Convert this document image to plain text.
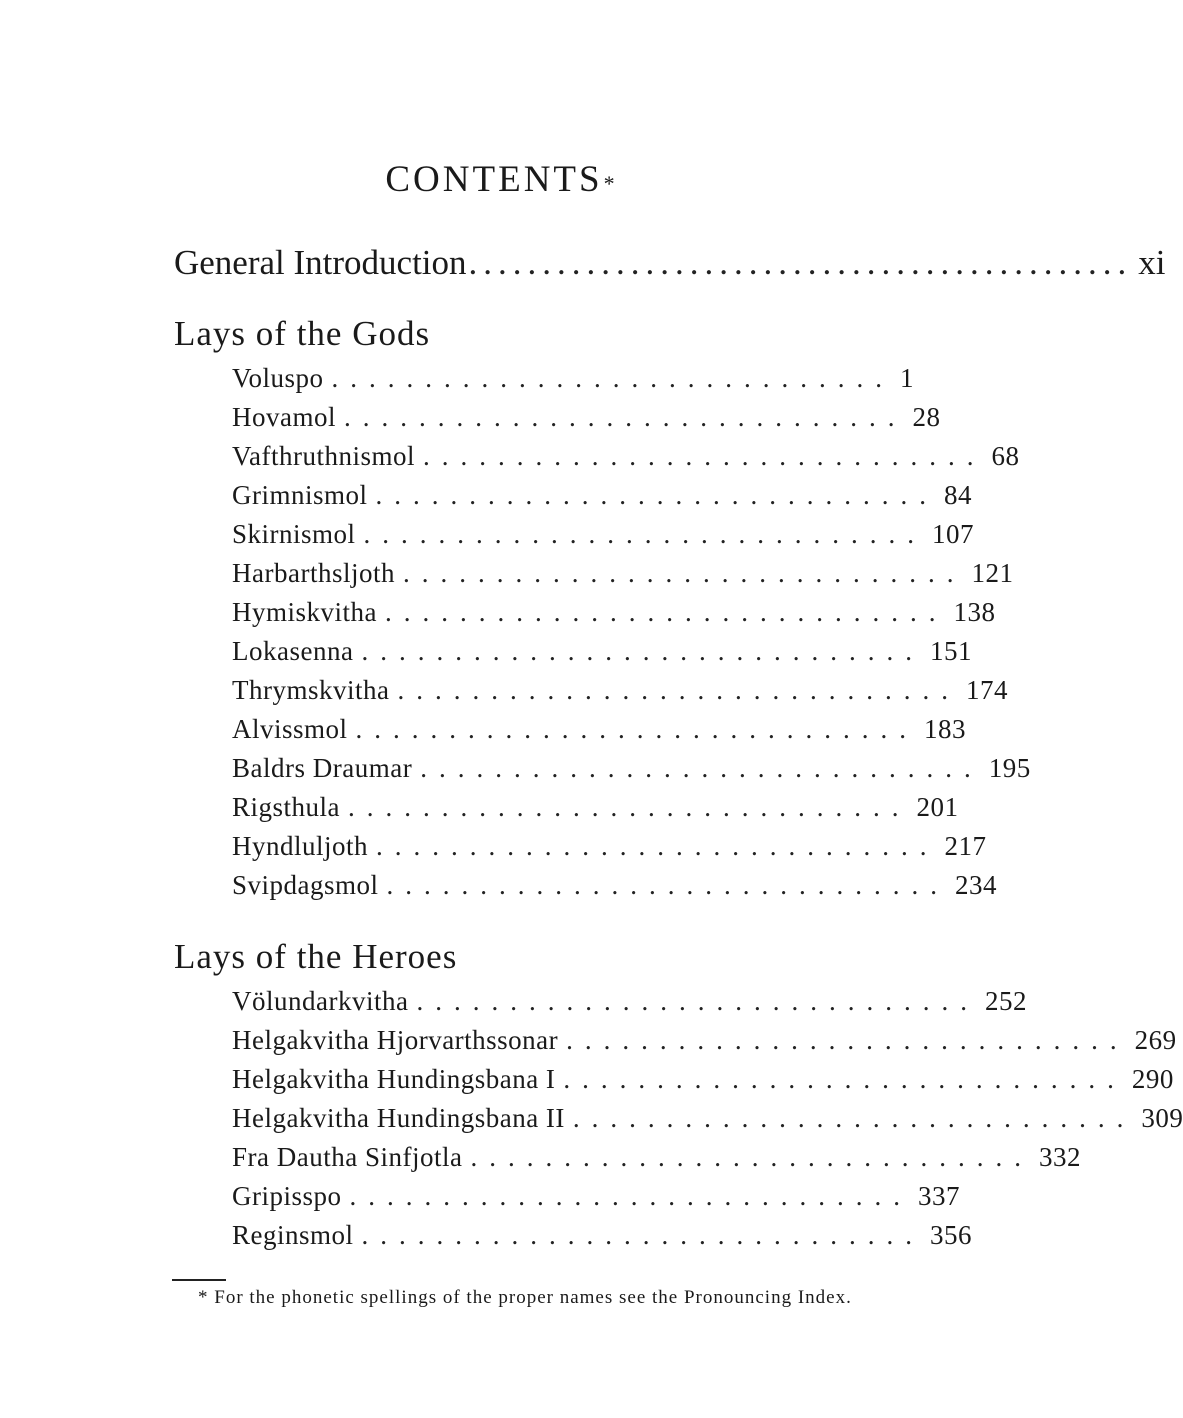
CONTENTS*
General Introduction ............................................. xi
Lays of the Gods
Voluspo .............................. 1
Hovamol .............................. 28
Vafthruthnismol .............................. 68
Grimnismol .............................. 84
Skirnismol .............................. 107
Harbarthsljoth .............................. 121
Hymiskvitha .............................. 138
Lokasenna .............................. 151
Thrymskvitha .............................. 174
Alvissmol .............................. 183
Baldrs Draumar .............................. 195
Rigsthula .............................. 201
Hyndluljoth .............................. 217
Svipdagsmol .............................. 234
Lays of the Heroes
Völundarkvitha .............................. 252
Helgakvitha Hjorvarthssonar .............................. 269
Helgakvitha Hundingsbana I .............................. 290
Helgakvitha Hundingsbana II .............................. 309
Fra Dautha Sinfjotla .............................. 332
Gripisspo .............................. 337
Reginsmol .............................. 356
* For the phonetic spellings of the proper names see the Pronouncing Index.
